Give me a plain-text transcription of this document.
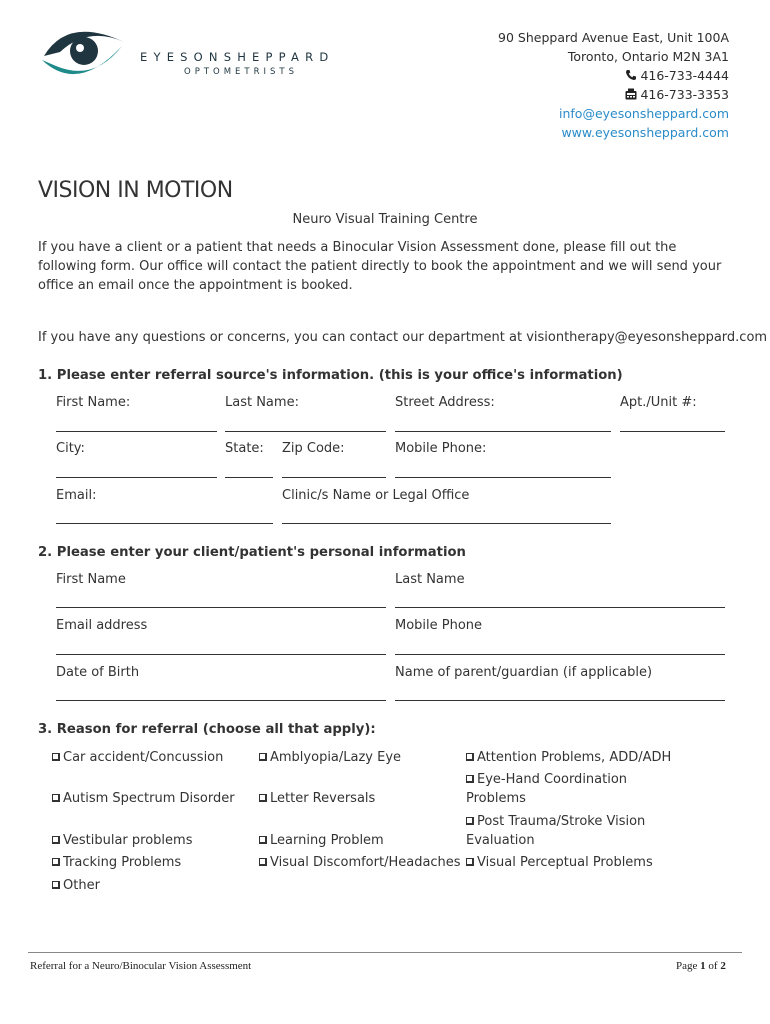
EYESONSHEPPARD
OPTOMETRISTS
90 Sheppard Avenue East, Unit 100A
Toronto, Ontario M2N 3A1
416-733-4444
416-733-3353
info@eyesonsheppard.com
www.eyesonsheppard.com
VISION IN MOTION
Neuro Visual Training Centre
If you have a client or a patient that needs a Binocular Vision Assessment done, please fill out the following form. Our office will contact the patient directly to book the appointment and we will send your office an email once the appointment is booked.
If you have any questions or concerns, you can contact our department at visiontherapy@eyesonsheppard.com
1. Please enter referral source's information. (this is your office's information)
First Name:	Last Name:	Street Address:	Apt./Unit #:
City:	State: Zip Code:	Mobile Phone:
Email:	Clinic/s Name or Legal Office
2. Please enter your client/patient's personal information
First Name	Last Name
Email address	Mobile Phone
Date of Birth	Name of parent/guardian (if applicable)
3. Reason for referral (choose all that apply):
Car accident/Concussion	Amblyopia/Lazy Eye	Attention Problems, ADD/ADH
Eye-Hand Coordination
Problems
Autism Spectrum Disorder	Letter Reversals
Post Trauma/Stroke Vision
Evaluation
Vestibular problems	Learning Problem
Tracking Problems	Visual Discomfort/Headaches	Visual Perceptual Problems
Other
Referral for a Neuro/Binocular Vision Assessment	Page 1 of 2
